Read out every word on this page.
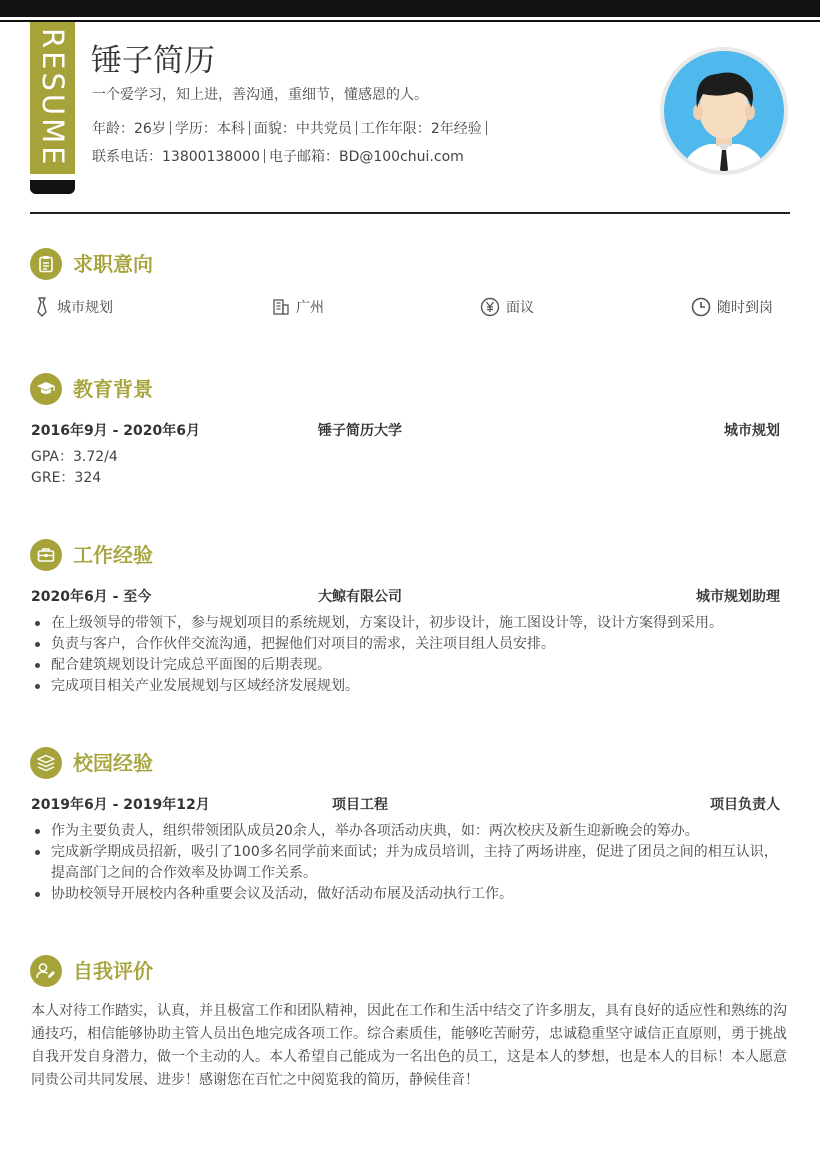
RESUME 锤子简历
一个爱学习，知上进，善沟通，重细节，懂感恩的人。
年龄：26岁 学历：本科 面貌：中共党员 工作年限：2年经验
联系电话：13800138000 电子邮箱：BD@100chui.com
求职意向
城市规划	广州	面议	随时到岗
教育背景
2016年9月 - 2020年6月	锤子简历大学	城市规划
GPA：3.72/4
GRE：324
工作经验
2020年6月 - 至今	大鲸有限公司	城市规划助理
在上级领导的带领下，参与规划项目的系统规划，方案设计，初步设计，施工图设计等，设计方案得到采用。
负责与客户，合作伙伴交流沟通，把握他们对项目的需求，关注项目组人员安排。
配合建筑规划设计完成总平面图的后期表现。
完成项目相关产业发展规划与区域经济发展规划。
校园经验
2019年6月 - 2019年12月	项目工程	项目负责人
作为主要负责人，组织带领团队成员20余人，举办各项活动庆典，如：两次校庆及新生迎新晚会的筹办。
完成新学期成员招新，吸引了100多名同学前来面试；并为成员培训，主持了两场讲座，促进了团员之间的相互认识，提高部门之间的合作效率及协调工作关系。
协助校领导开展校内各种重要会议及活动，做好活动布展及活动执行工作。
自我评价
本人对待工作踏实，认真，并且极富工作和团队精神，因此在工作和生活中结交了许多朋友，具有良好的适应性和熟练的沟通技巧，相信能够协助主管人员出色地完成各项工作。综合素质佳，能够吃苦耐劳，忠诚稳重坚守诚信正直原则，勇于挑战自我开发自身潜力，做一个主动的人。本人希望自己能成为一名出色的员工，这是本人的梦想，也是本人的目标！本人愿意同贵公司共同发展、进步！感谢您在百忙之中阅览我的简历，静候佳音！
